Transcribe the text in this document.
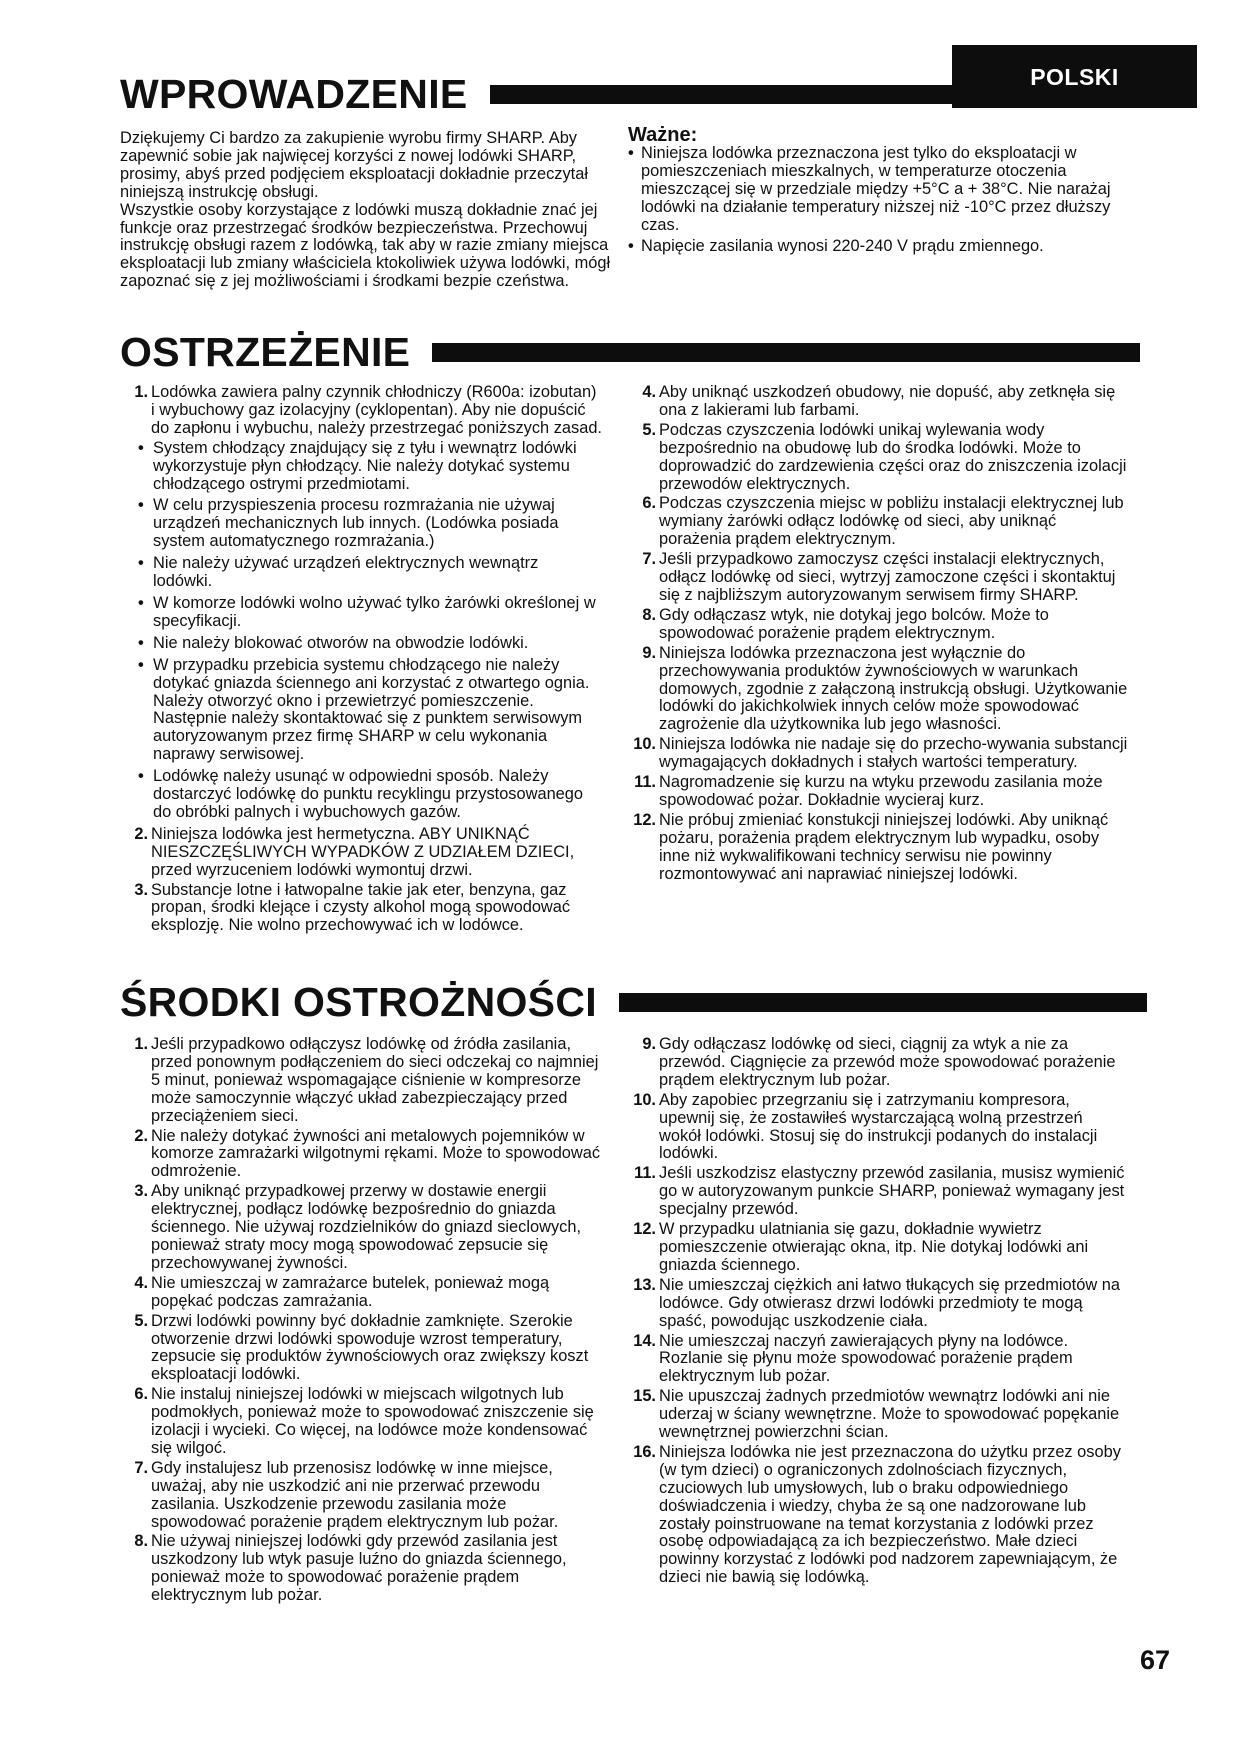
POLSKI
WPROWADZENIE

Dziękujemy Ci bardzo za zakupienie wyrobu firmy SHARP. Aby zapewnić sobie jak najwięcej korzyści z nowej lodówki SHARP, prosimy, abyś przed podjęciem eksploatacji dokładnie przeczytał niniejszą instrukcję obsługi.

Wszystkie osoby korzystające z lodówki muszą dokładnie znać jej funkcje oraz przestrzegać środków bezpieczeństwa. Przechowuj instrukcję obsługi razem z lodówką, tak aby w razie zmiany miejsca eksploatacji lub zmiany właściciela ktokoliwiek używa lodówki, mógł zapoznać się z jej możliwościami i środkami bezpie czeństwa.

Ważne:

• Niniejsza lodówka przeznaczona jest tylko do eksploatacji w pomieszczeniach mieszkalnych, w temperaturze otoczenia mieszczącej się w przedziale między +5°C a + 38°C. Nie narażaj lodówki na działanie temperatury niższej niż -10°C przez dłuższy czas.
• Napięcie zasilania wynosi 220-240 V prądu zmiennego.
OSTRZEŻENIE
1. Lodówka zawiera palny czynnik chłodniczy (R600a: izobutan) i wybuchowy gaz izolacyjny (cyklopentan). Aby nie dopuścić do zapłonu i wybuchu, należy przestrzegać poniższych zasad.
• System chłodzący znajdujący się z tyłu i wewnątrz lodówki wykorzystuje płyn chłodzący. Nie należy dotykać systemu chłodzącego ostrymi przedmiotami.
• W celu przyspieszenia procesu rozmrażania nie używaj urządzeń mechanicznych lub innych. (Lodówka posiada system automatycznego rozmrażania.)
• Nie należy używać urządzeń elektrycznych wewnątrz lodówki.
• W komorze lodówki wolno używać tylko żarówki określonej w specyfikacji.
• Nie należy blokować otworów na obwodzie lodówki.
• W przypadku przebicia systemu chłodzącego nie należy dotykać gniazda ściennego ani korzystać z otwartego ognia. Należy otworzyć okno i przewietrzyć pomieszczenie. Następnie należy skontaktować się z punktem serwisowym autoryzowanym przez firmę SHARP w celu wykonania naprawy serwisowej.
• Lodówkę należy usunąć w odpowiedni sposób. Należy dostarczyć lodówkę do punktu recyklingu przystosowanego do obróbki palnych i wybuchowych gazów.
2. Niniejsza lodówka jest hermetyczna. ABY UNIKNĄĆ NIESZCZĘŚLIWYCH WYPADKÓW Z UDZIAŁEM DZIECI, przed wyrzuceniem lodówki wymontuj drzwi.
3. Substancje lotne i łatwopalne takie jak eter, benzyna, gaz propan, środki klejące i czysty alkohol mogą spowodować eksplozję. Nie wolno przechowywać ich w lodówce.
4. Aby uniknąć uszkodzeń obudowy, nie dopuść, aby zetknęła się ona z lakierami lub farbami.
5. Podczas czyszczenia lodówki unikaj wylewania wody bezpośrednio na obudowę lub do środka lodówki. Może to doprowadzić do zardzewienia części oraz do zniszczenia izolacji przewodów elektrycznych.
6. Podczas czyszczenia miejsc w pobliżu instalacji elektrycznej lub wymiany żarówki odłącz lodówkę od sieci, aby uniknąć porażenia prądem elektrycznym.
7. Jeśli przypadkowo zamoczysz części instalacji elektrycznych, odłącz lodówkę od sieci, wytrzyj zamoczone części i skontaktuj się z najbliższym autoryzowanym serwisem firmy SHARP.
8. Gdy odłączasz wtyk, nie dotykaj jego bolców. Może to spowodować porażenie prądem elektrycznym.
9. Niniejsza lodówka przeznaczona jest wyłącznie do przechowywania produktów żywnościowych w warunkach domowych, zgodnie z załączoną instrukcją obsługi. Użytkowanie lodówki do jakichkolwiek innych celów może spowodować zagrożenie dla użytkownika lub jego własności.
10. Niniejsza lodówka nie nadaje się do przecho-wywania substancji wymagających dokładnych i stałych wartości temperatury.
11. Nagromadzenie się kurzu na wtyku przewodu zasilania może spowodować pożar. Dokładnie wycieraj kurz.
12. Nie próbuj zmieniać konstukcji niniejszej lodówki. Aby uniknąć pożaru, porażenia prądem elektrycznym lub wypadku, osoby inne niż wykwalifikowani technicy serwisu nie powinny rozmontowywać ani naprawiać niniejszej lodówki.
ŚRODKI OSTROŻNOŚCI
1. Jeśli przypadkowo odłączysz lodówkę od źródła zasilania, przed ponownym podłączeniem do sieci odczekaj co najmniej 5 minut, ponieważ wspomagające ciśnienie w kompresorze może samoczynnie włączyć układ zabezpieczający przed przeciążeniem sieci.
2. Nie należy dotykać żywności ani metalowych pojemników w komorze zamrażarki wilgotnymi rękami. Może to spowodować odmrożenie.
3. Aby uniknąć przypadkowej przerwy w dostawie energii elektrycznej, podłącz lodówkę bezpośrednio do gniazda ściennego. Nie używaj rozdzielników do gniazd sieclowych, ponieważ straty mocy mogą spowodować zepsucie się przechowywanej żywności.
4. Nie umieszczaj w zamrażarce butelek, ponieważ mogą popękać podczas zamrażania.
5. Drzwi lodówki powinny być dokładnie zamknięte. Szerokie otworzenie drzwi lodówki spowoduje wzrost temperatury, zepsucie się produktów żywnościowych oraz zwiększy koszt eksploatacji lodówki.
6. Nie instaluj niniejszej lodówki w miejscach wilgotnych lub podmokłych, ponieważ może to spowodować zniszczenie się izolacji i wycieki. Co więcej, na lodówce może kondensować się wilgoć.
7. Gdy instalujesz lub przenosisz lodówkę w inne miejsce, uważaj, aby nie uszkodzić ani nie przerwać przewodu zasilania. Uszkodzenie przewodu zasilania może spowodować porażenie prądem elektrycznym lub pożar.
8. Nie używaj niniejszej lodówki gdy przewód zasilania jest uszkodzony lub wtyk pasuje luźno do gniazda ściennego, ponieważ może to spowodować porażenie prądem elektrycznym lub pożar.
9. Gdy odłączasz lodówkę od sieci, ciągnij za wtyk a nie za przewód. Ciągnięcie za przewód może spowodować porażenie prądem elektrycznym lub pożar.
10. Aby zapobiec przegrzaniu się i zatrzymaniu kompresora, upewnij się, że zostawiłeś wystarczającą wolną przestrzeń wokół lodówki. Stosuj się do instrukcji podanych do instalacji lodówki.
11. Jeśli uszkodzisz elastyczny przewód zasilania, musisz wymienić go w autoryzowanym punkcie SHARP, ponieważ wymagany jest specjalny przewód.
12. W przypadku ulatniania się gazu, dokładnie wywietrz pomieszczenie otwierając okna, itp. Nie dotykaj lodówki ani gniazda ściennego.
13. Nie umieszczaj ciężkich ani łatwo tłukących się przedmiotów na lodówce. Gdy otwierasz drzwi lodówki przedmioty te mogą spaść, powodując uszkodzenie ciała.
14. Nie umieszczaj naczyń zawierających płyny na lodówce. Rozlanie się płynu może spowodować porażenie prądem elektrycznym lub pożar.
15. Nie upuszczaj żadnych przedmiotów wewnątrz lodówki ani nie uderzaj w ściany wewnętrzne. Może to spowodować popękanie wewnętrznej powierzchni ścian.
16. Niniejsza lodówka nie jest przeznaczona do użytku przez osoby (w tym dzieci) o ograniczonych zdolnościach fizycznych, czuciowych lub umysłowych, lub o braku odpowiedniego doświadczenia i wiedzy, chyba że są one nadzorowane lub zostały poinstruowane na temat korzystania z lodówki przez osobę odpowiadającą za ich bezpieczeństwo. Małe dzieci powinny korzystać z lodówki pod nadzorem zapewniającym, że dzieci nie bawią się lodówką.
67
